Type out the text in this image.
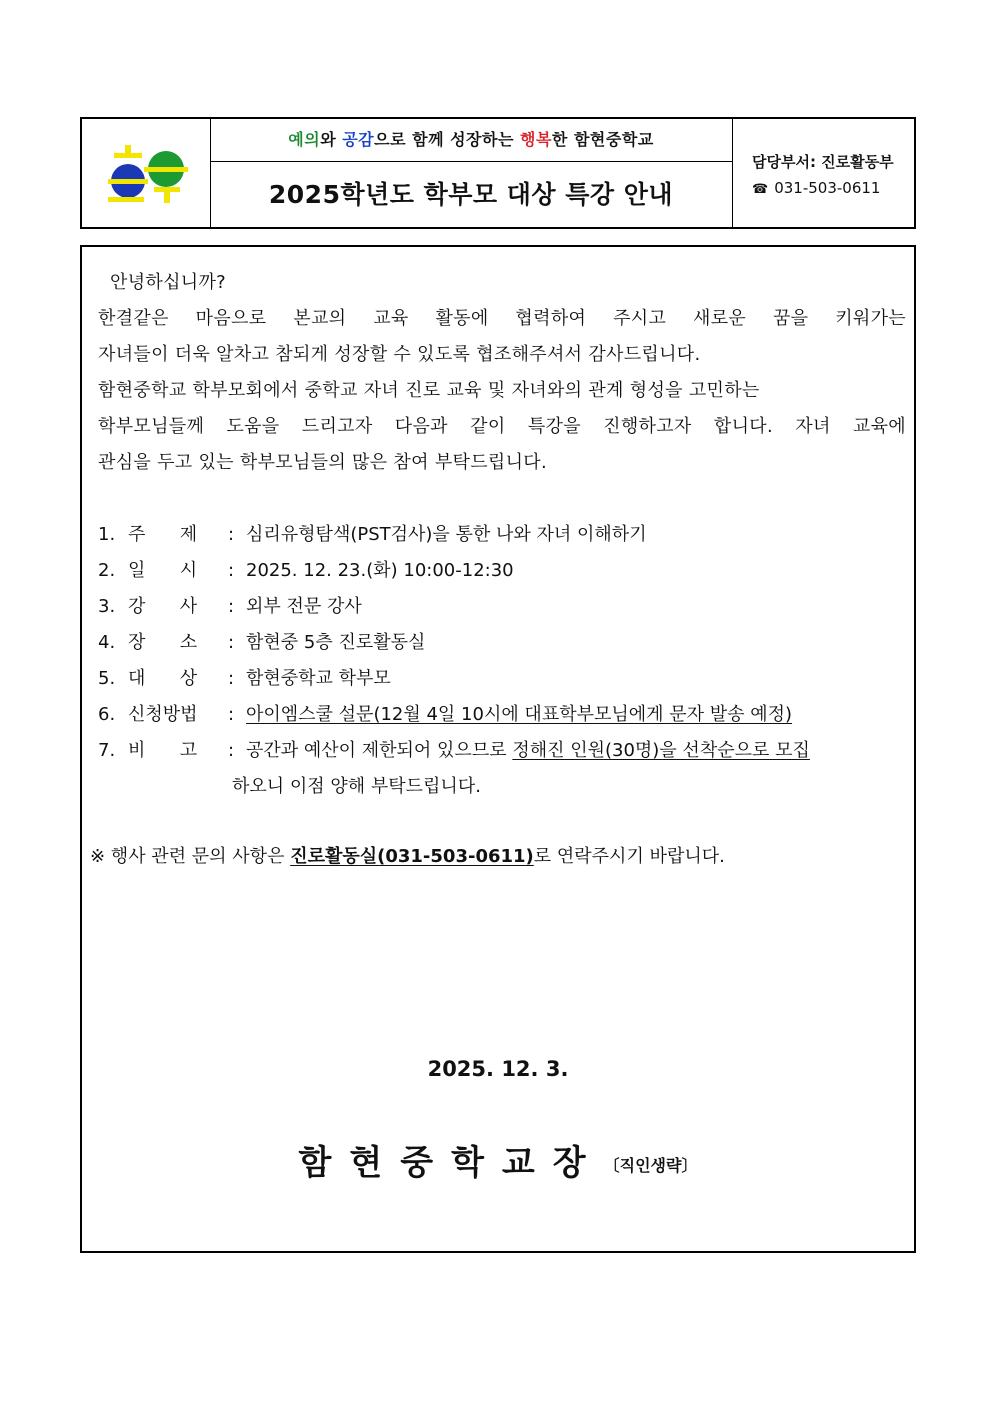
예의와 공감으로 함께 성장하는 행복한 함현중학교
2025학년도 학부모 대상 특강 안내
담당부서: 진로활동부
☎ 031-503-0611

안녕하십니까?

한결같은 마음으로 본교의 교육 활동에 협력하여 주시고 새로운 꿈을 키워가는

자녀들이 더욱 알차고 참되게 성장할 수 있도록 협조해주셔서 감사드립니다.

함현중학교 학부모회에서 중학교 자녀 진로 교육 및 자녀와의 관계 형성을 고민하는

학부모님들께 도움을 드리고자 다음과 같이 특강을 진행하고자 합니다. 자녀 교육에

관심을 두고 있는 학부모님들의 많은 참여 부탁드립니다.

1. 주      제 : 심리유형탐색(PST검사)을 통한 나와 자녀 이해하기
2. 일      시 : 2025. 12. 23.(화) 10:00-12:30
3. 강      사 : 외부 전문 강사
4. 장      소 : 함현중 5층 진로활동실
5. 대      상 : 함현중학교 학부모
6. 신청방법 : 아이엠스쿨 설문(12월 4일 10시에 대표학부모님에게 문자 발송 예정)
7. 비      고 : 공간과 예산이 제한되어 있으므로 정해진 인원(30명)을 선착순으로 모집
하오니 이점 양해 부탁드립니다.
※ 행사 관련 문의 사항은 진로활동실(031-503-0611)로 연락주시기 바랍니다.
2025. 12. 3.
함현중학교장〔직인생략〕
